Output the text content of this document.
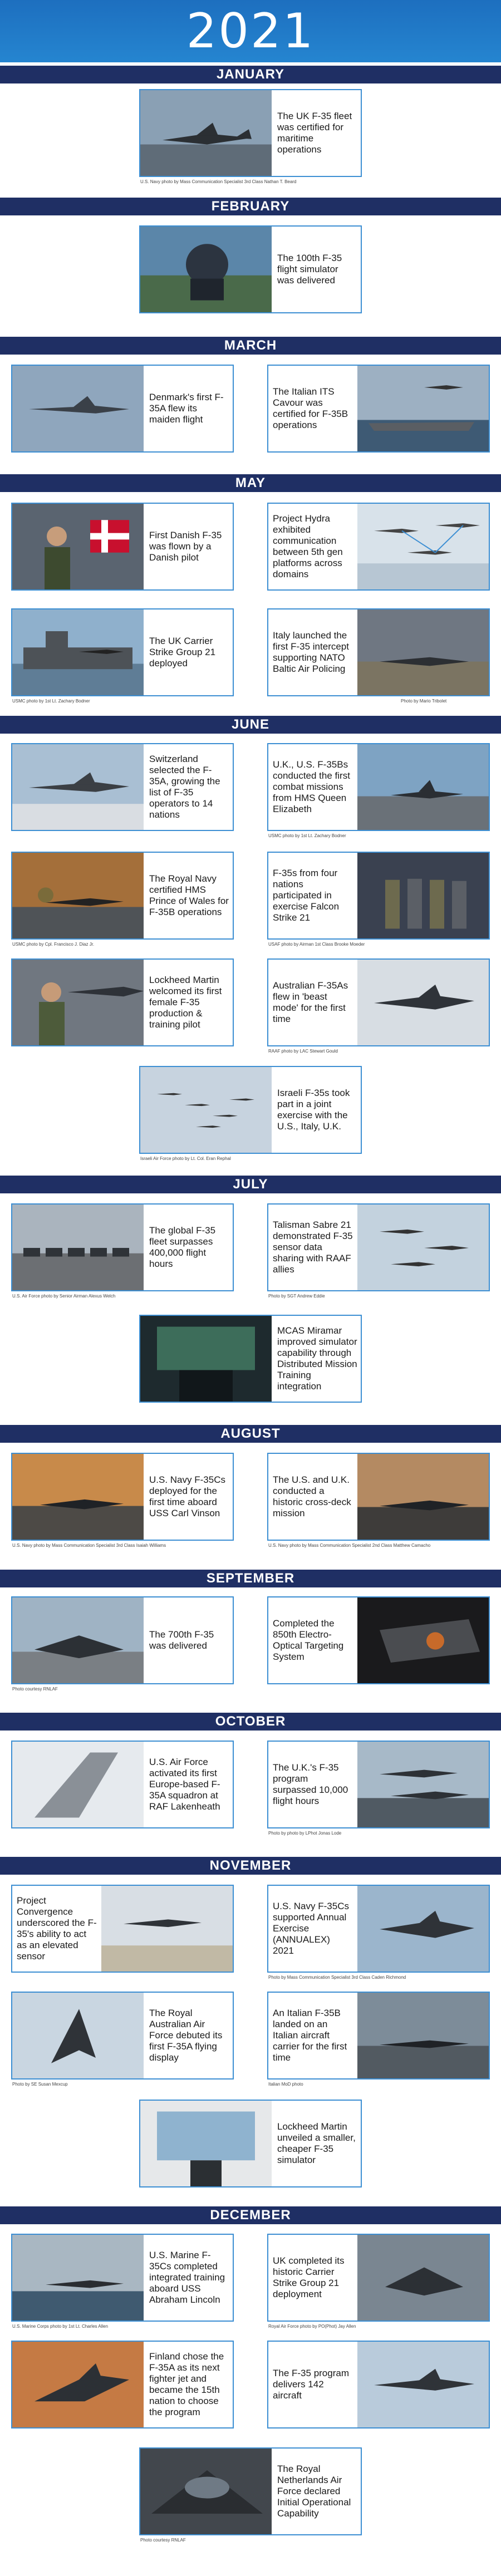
2021
JANUARY
FEBRUARY
MARCH
MAY
JUNE
JULY
AUGUST
SEPTEMBER
OCTOBER
NOVEMBER
DECEMBER
The UK F-35 fleet was certified for maritime operations
U.S. Navy photo by Mass Communication Specialist 3rd Class Nathan T. Beard
The 100th F-35 flight simulator was delivered
Denmark's first F-35A flew its maiden flight
The Italian ITS Cavour was certified for F-35B operations
First Danish F-35 was flown by a Danish pilot
Project Hydra exhibited communication between 5th gen platforms across domains
The UK Carrier Strike Group 21 deployed
USMC photo by 1st Lt. Zachary Bodner
Italy launched the first F-35 intercept supporting NATO Baltic Air Policing
Photo by Mario Tribolet
Switzerland selected the F-35A, growing the list of F-35 operators to 14 nations
U.K., U.S. F-35Bs conducted the first combat missions from HMS Queen Elizabeth
USMC photo by 1st Lt. Zachary Bodner
The Royal Navy certified HMS Prince of Wales for F-35B operations
USMC photo by Cpl. Francisco J. Diaz Jr.
F-35s from four nations participated in exercise Falcon Strike 21
USAF photo by Airman 1st Class Brooke Moeder
Lockheed Martin welcomed its first female F-35 production & training pilot
Australian F-35As flew in 'beast mode' for the first time
RAAF photo by LAC Stewart Gould
Israeli F-35s took part in a joint exercise with the U.S., Italy, U.K.
Israeli Air Force photo by Lt. Col. Eran Rephal
The global F-35 fleet surpasses 400,000 flight hours
U.S. Air Force photo by Senior Airman Alexus Welch
Talisman Sabre 21 demonstrated F-35 sensor data sharing with RAAF allies
Photo by SGT Andrew Eddie
MCAS Miramar improved simulator capability through Distributed Mission Training integration
U.S. Navy F-35Cs deployed for the first time aboard USS Carl Vinson
U.S. Navy photo by Mass Communication Specialist 3rd Class Isaiah Williams
The U.S. and U.K. conducted a historic cross-deck mission
U.S. Navy photo by Mass Communication Specialist 2nd Class Matthew Camacho
The 700th F-35 was delivered
Photo courtesy RNLAF
Completed the 850th Electro-Optical Targeting System
U.S. Air Force activated its first Europe-based F-35A squadron at RAF Lakenheath
The U.K.'s F-35 program surpassed 10,000 flight hours
Photo by photo by LPhot Jonas Lode
Project Convergence underscored the F-35's ability to act as an elevated sensor
U.S. Navy F-35Cs supported Annual Exercise (ANNUALEX) 2021
Photo by Mass Communication Specialist 3rd Class Caden Richmond
The Royal Australian Air Force debuted its first F-35A flying display
Photo by SE Susan Mexcup
An Italian F-35B landed on an Italian aircraft carrier for the first time
Italian MoD photo
Lockheed Martin unveiled a smaller, cheaper F-35 simulator
U.S. Marine F-35Cs completed integrated training aboard USS Abraham Lincoln
U.S. Marine Corps photo by 1st Lt. Charles Allen
UK completed its historic Carrier Strike Group 21 deployment
Royal Air Force photo by PO(Phot) Jay Allen
Finland chose the F-35A as its next fighter jet and became the 15th nation to choose the program
The F-35 program delivers 142 aircraft
The Royal Netherlands Air Force declared Initial Operational Capability
Photo courtesy RNLAF
